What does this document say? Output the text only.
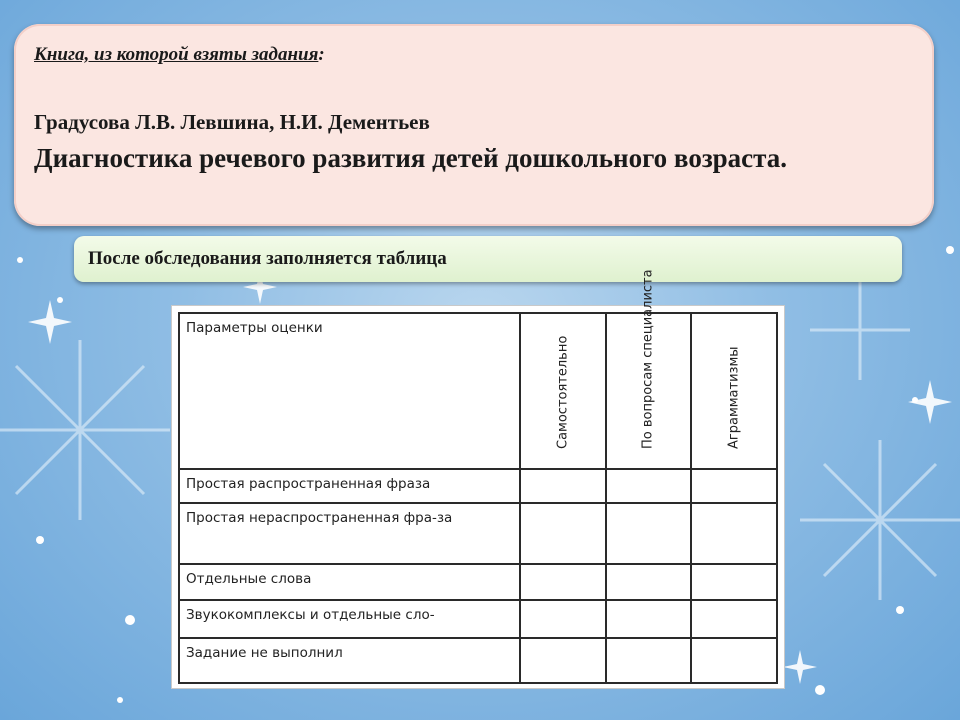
Книга, из которой взяты задания:
Градусова Л.В. Левшина, Н.И. Дементьев
Диагностика речевого развития детей дошкольного возраста.
После обследования заполняется таблица
Параметры оценки	Самостоятельно	По вопросам специалиста	Аграмматизмы

Простая распространенная фраза			
Простая нераспространенная фра-за			
Отдельные слова			
Звукокомплексы и отдельные сло-			
Задание не выполнил			
